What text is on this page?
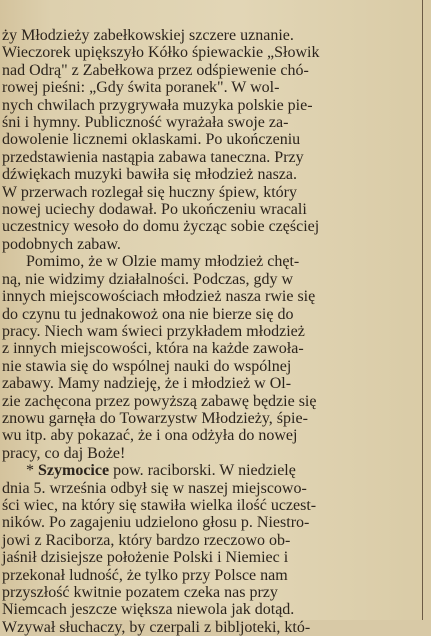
ży Młodzieży zabełkowskiej szczere uznanie.
Wieczorek upiększyło Kółko śpiewackie „Słowik
nad Odrą" z Zabełkowa przez odśpiewenie chó-
rowej pieśni: „Gdy świta poranek". W wol-
nych chwilach przygrywała muzyka polskie pie-
śni i hymny. Publiczność wyrażała swoje za-
dowolenie licznemi oklaskami. Po ukończeniu
przedstawienia nastąpia zabawa taneczna. Przy
dźwiękach muzyki bawiła się młodzież nasza.
W przerwach rozlegał się huczny śpiew, który
nowej uciechy dodawał. Po ukończeniu wracali
uczestnicy wesoło do domu życząc sobie częściej
podobnych zabaw.
Pomimo, że w Olzie mamy młodzież chęt-
ną, nie widzimy działalności. Podczas, gdy w
innych miejscowościach młodzież nasza rwie się
do czynu tu jednakowoż ona nie bierze się do
pracy. Niech wam świeci przykładem młodzież
z innych miejscowości, która na każde zawoła-
nie stawia się do wspólnej nauki do wspólnej
zabawy. Mamy nadzieję, że i młodzież w Ol-
zie zachęcona przez powyższą zabawę będzie się
znowu garnęła do Towarzystw Młodzieży, śpie-
wu itp. aby pokazać, że i ona odżyła do nowej
pracy, co daj Boże!
* Szymocice pow. raciborski. W niedzielę
dnia 5. września odbył się w naszej miejscowo-
ści wiec, na który się stawiła wielka ilość uczest-
ników. Po zagajeniu udzielono głosu p. Niestro-
jowi z Raciborza, który bardzo rzeczowo ob-
jaśnił dzisiejsze położenie Polski i Niemiec i
przekonał ludność, że tylko przy Polsce nam
przyszłość kwitnie pozatem czeka nas przy
Niemcach jeszcze większa niewola jak dotąd.
Wzywał słuchaczy, by czerpali z bibljoteki, któ-
